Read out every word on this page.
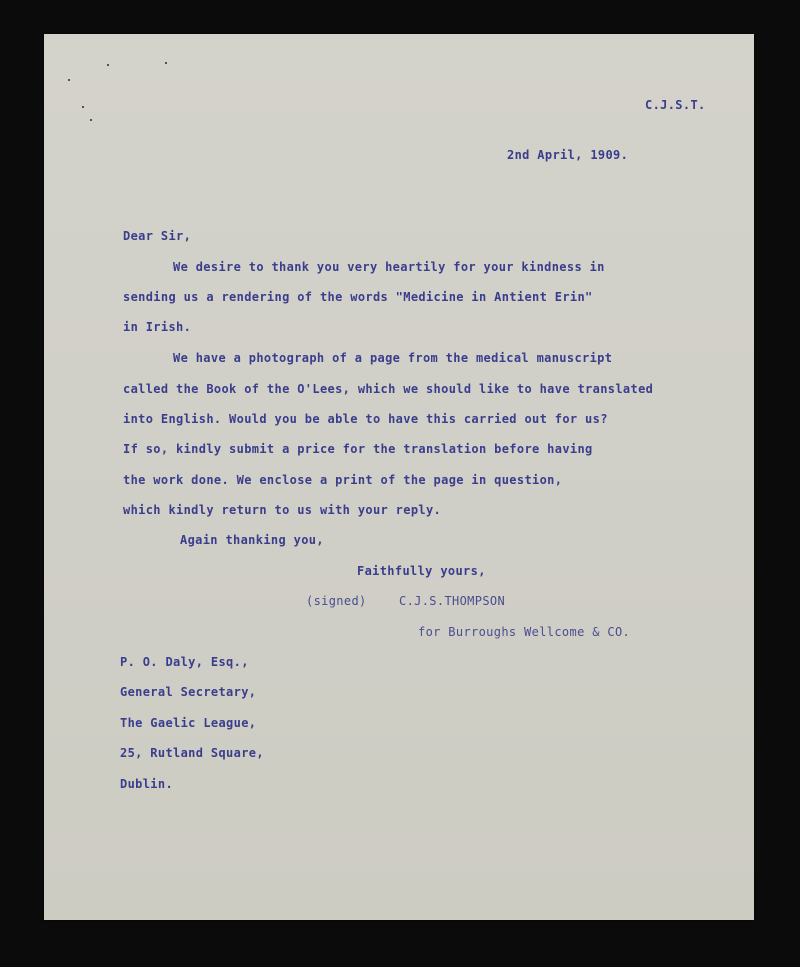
C.J.S.T.
2nd April, 1909.
Dear Sir,
We desire to thank you very heartily for your kindness in
sending us a rendering of the words "Medicine in Antient Erin"
in Irish.
We have a photograph of a page from the medical manuscript
called the Book of the O'Lees, which we should like to have translated
into English. Would you be able to have this carried out for us?
If so, kindly submit a price for the translation before having
the work done. We enclose a print of the page in question,
which kindly return to us with your reply.
Again thanking you,
Faithfully yours,
(signed)	C.J.S.THOMPSON
for Burroughs Wellcome & CO.
P. O. Daly, Esq.,
General Secretary,
The Gaelic League,
25, Rutland Square,
Dublin.
